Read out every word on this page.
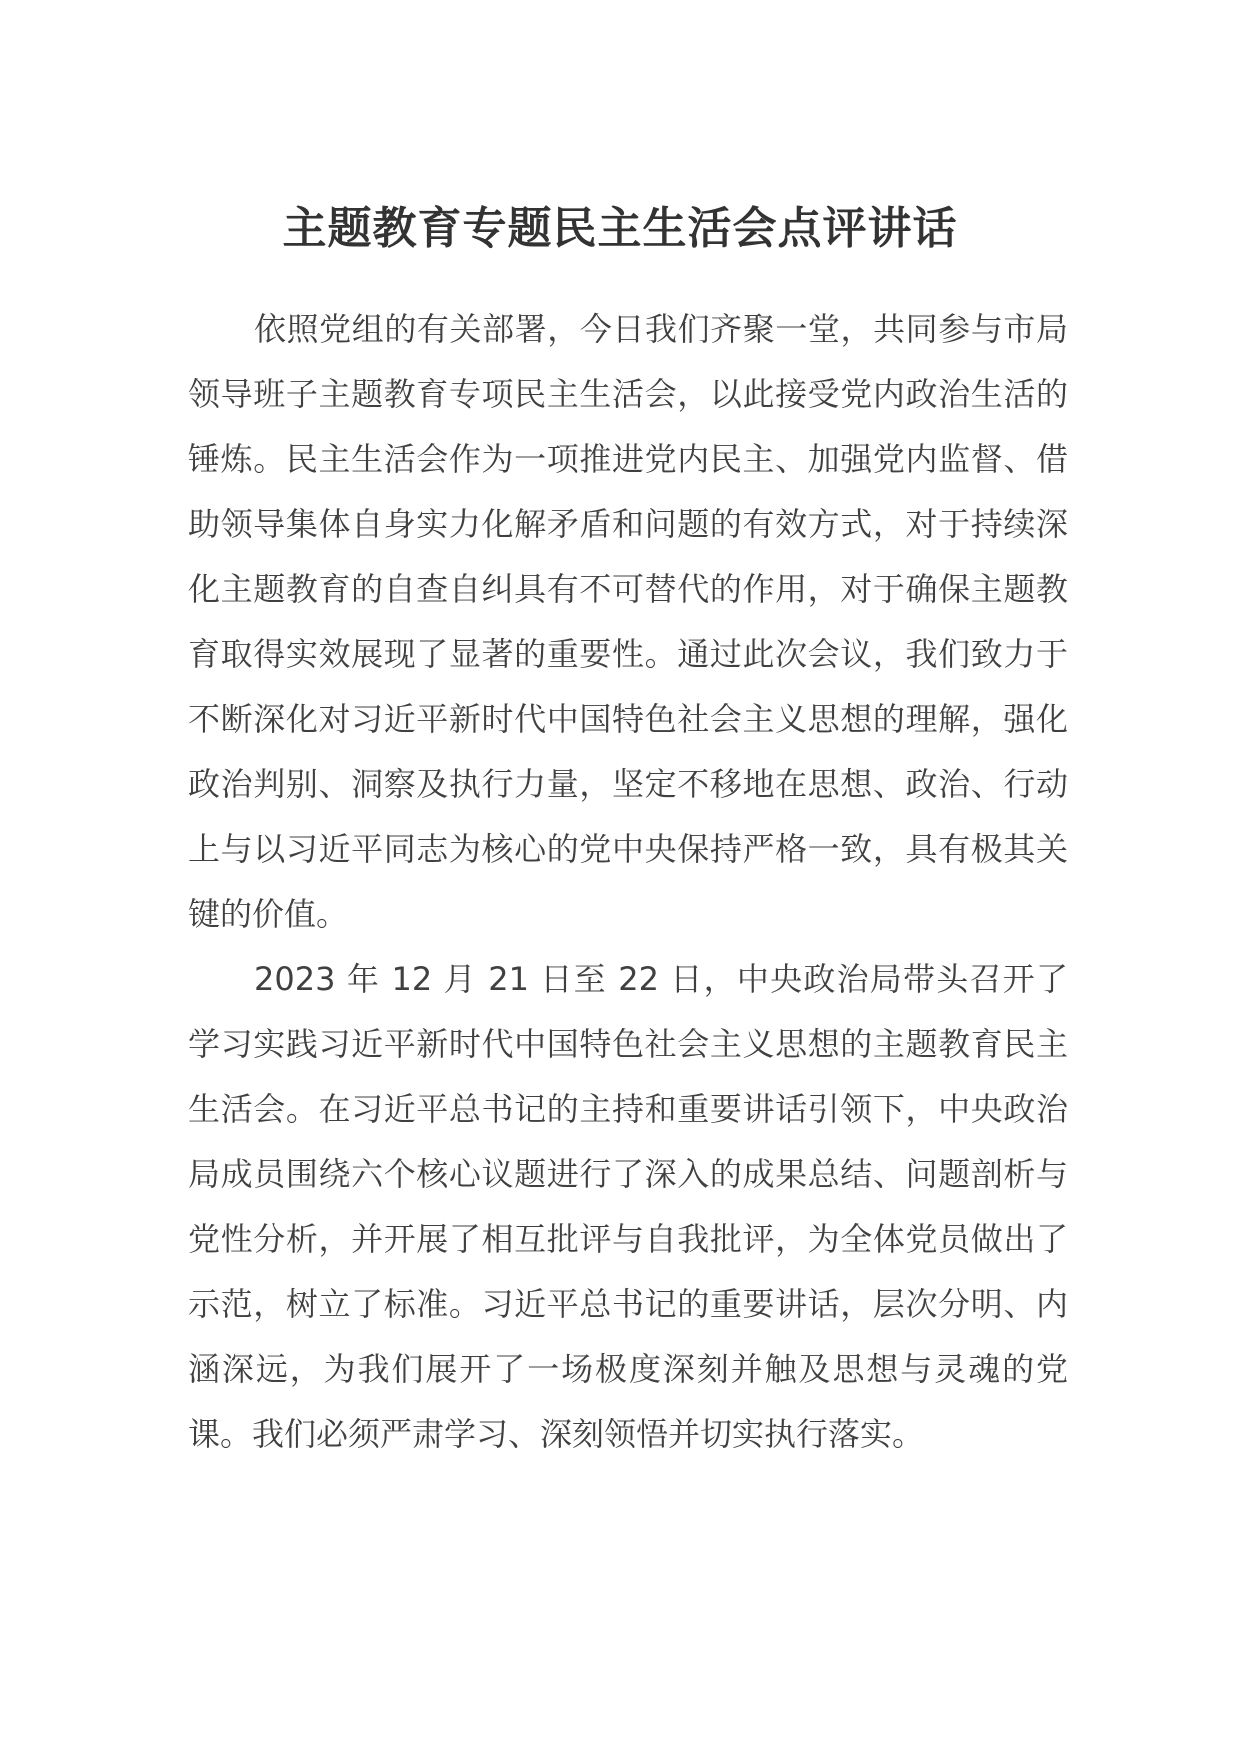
主题教育专题民主生活会点评讲话

依照党组的有关部署，今日我们齐聚一堂，共同参与市局领导班子主题教育专项民主生活会，以此接受党内政治生活的锤炼。民主生活会作为一项推进党内民主、加强党内监督、借助领导集体自身实力化解矛盾和问题的有效方式，对于持续深化主题教育的自查自纠具有不可替代的作用，对于确保主题教育取得实效展现了显著的重要性。通过此次会议，我们致力于不断深化对习近平新时代中国特色社会主义思想的理解，强化政治判别、洞察及执行力量，坚定不移地在思想、政治、行动上与以习近平同志为核心的党中央保持严格一致，具有极其关键的价值。

2023 年 12 月 21 日至 22 日，中央政治局带头召开了学习实践习近平新时代中国特色社会主义思想的主题教育民主生活会。在习近平总书记的主持和重要讲话引领下，中央政治局成员围绕六个核心议题进行了深入的成果总结、问题剖析与党性分析，并开展了相互批评与自我批评，为全体党员做出了示范，树立了标准。习近平总书记的重要讲话，层次分明、内涵深远，为我们展开了一场极度深刻并触及思想与灵魂的党课。我们必须严肃学习、深刻领悟并切实执行落实。
